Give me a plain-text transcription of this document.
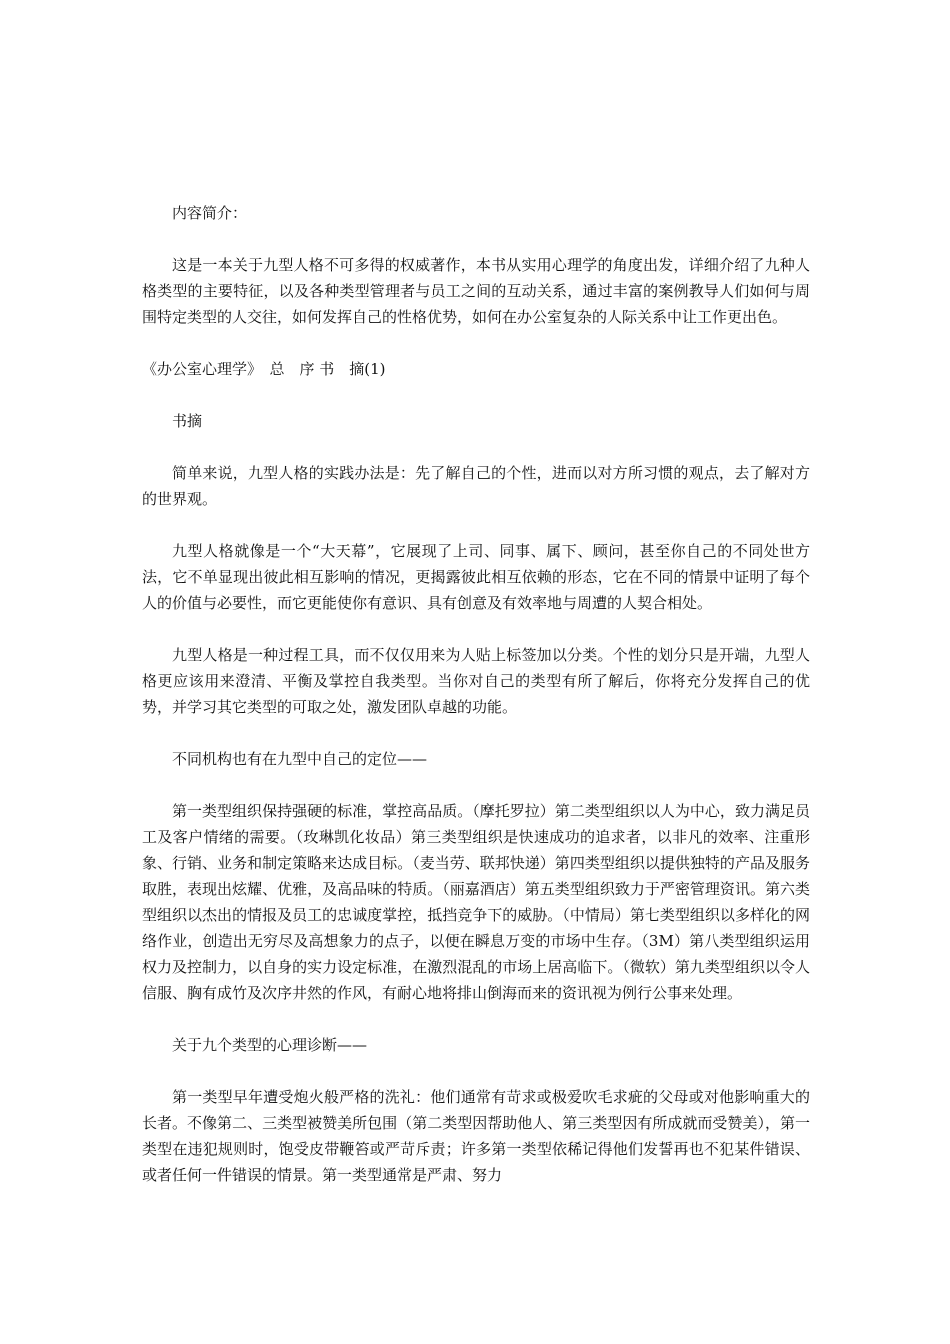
内容简介：

这是一本关于九型人格不可多得的权威著作，本书从实用心理学的角度出发，详细介绍了九种人格类型的主要特征，以及各种类型管理者与员工之间的互动关系，通过丰富的案例教导人们如何与周围特定类型的人交往，如何发挥自己的性格优势，如何在办公室复杂的人际关系中让工作更出色。

《办公室心理学》　总　序 书　摘(1)

书摘

简单来说，九型人格的实践办法是：先了解自己的个性，进而以对方所习惯的观点，去了解对方的世界观。

九型人格就像是一个“大天幕”，它展现了上司、同事、属下、顾问，甚至你自己的不同处世方法，它不单显现出彼此相互影响的情况，更揭露彼此相互依赖的形态，它在不同的情景中证明了每个人的价值与必要性，而它更能使你有意识、具有创意及有效率地与周遭的人契合相处。

九型人格是一种过程工具，而不仅仅用来为人贴上标签加以分类。个性的划分只是开端，九型人格更应该用来澄清、平衡及掌控自我类型。当你对自己的类型有所了解后，你将充分发挥自己的优势，并学习其它类型的可取之处，激发团队卓越的功能。

不同机构也有在九型中自己的定位——

第一类型组织保持强硬的标准，掌控高品质。（摩托罗拉）第二类型组织以人为中心，致力满足员工及客户情绪的需要。（玫琳凯化妆品）第三类型组织是快速成功的追求者，以非凡的效率、注重形象、行销、业务和制定策略来达成目标。（麦当劳、联邦快递）第四类型组织以提供独特的产品及服务取胜，表现出炫耀、优雅，及高品味的特质。（丽嘉酒店）第五类型组织致力于严密管理资讯。第六类型组织以杰出的情报及员工的忠诚度掌控，抵挡竞争下的威胁。（中情局）第七类型组织以多样化的网络作业，创造出无穷尽及高想象力的点子，以便在瞬息万变的市场中生存。（3M）第八类型组织运用权力及控制力，以自身的实力设定标准，在激烈混乱的市场上居高临下。（微软）第九类型组织以令人信服、胸有成竹及次序井然的作风，有耐心地将排山倒海而来的资讯视为例行公事来处理。

关于九个类型的心理诊断——

第一类型早年遭受炮火般严格的洗礼：他们通常有苛求或极爱吹毛求疵的父母或对他影响重大的长者。不像第二、三类型被赞美所包围（第二类型因帮助他人、第三类型因有所成就而受赞美），第一类型在违犯规则时，饱受皮带鞭笞或严苛斥责；许多第一类型依稀记得他们发誓再也不犯某件错误、或者任何一件错误的情景。第一类型通常是严肃、努力
